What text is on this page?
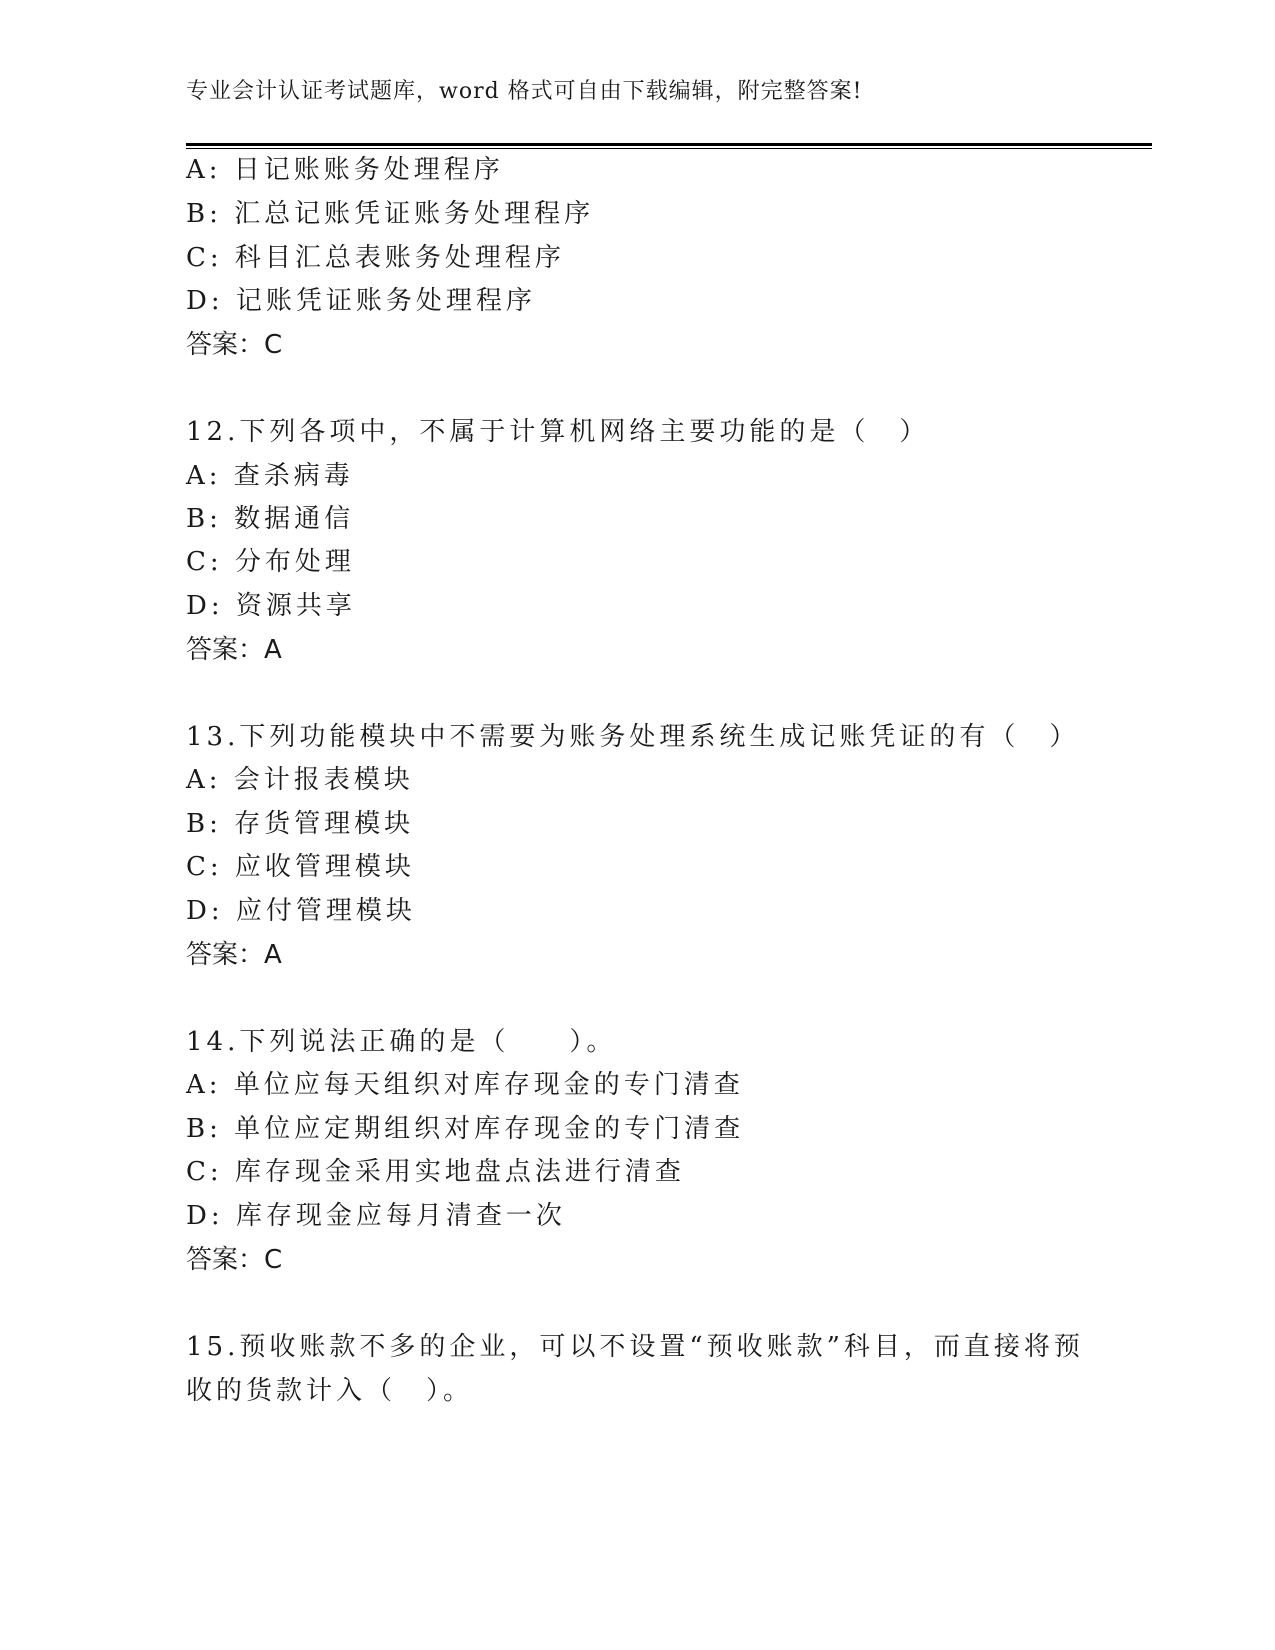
专业会计认证考试题库，word 格式可自由下载编辑，附完整答案!
A: 日记账账务处理程序
B: 汇总记账凭证账务处理程序
C: 科目汇总表账务处理程序
D: 记账凭证账务处理程序
答案：C
12.下列各项中，不属于计算机网络主要功能的是（　）
A: 查杀病毒
B: 数据通信
C: 分布处理
D: 资源共享
答案：A
13.下列功能模块中不需要为账务处理系统生成记账凭证的有（　）
A: 会计报表模块
B: 存货管理模块
C: 应收管理模块
D: 应付管理模块
答案：A
14.下列说法正确的是（　　）。
A: 单位应每天组织对库存现金的专门清查
B: 单位应定期组织对库存现金的专门清查
C: 库存现金采用实地盘点法进行清查
D: 库存现金应每月清查一次
答案：C
15.预收账款不多的企业，可以不设置“预收账款”科目，而直接将预
收的货款计入（　）。
